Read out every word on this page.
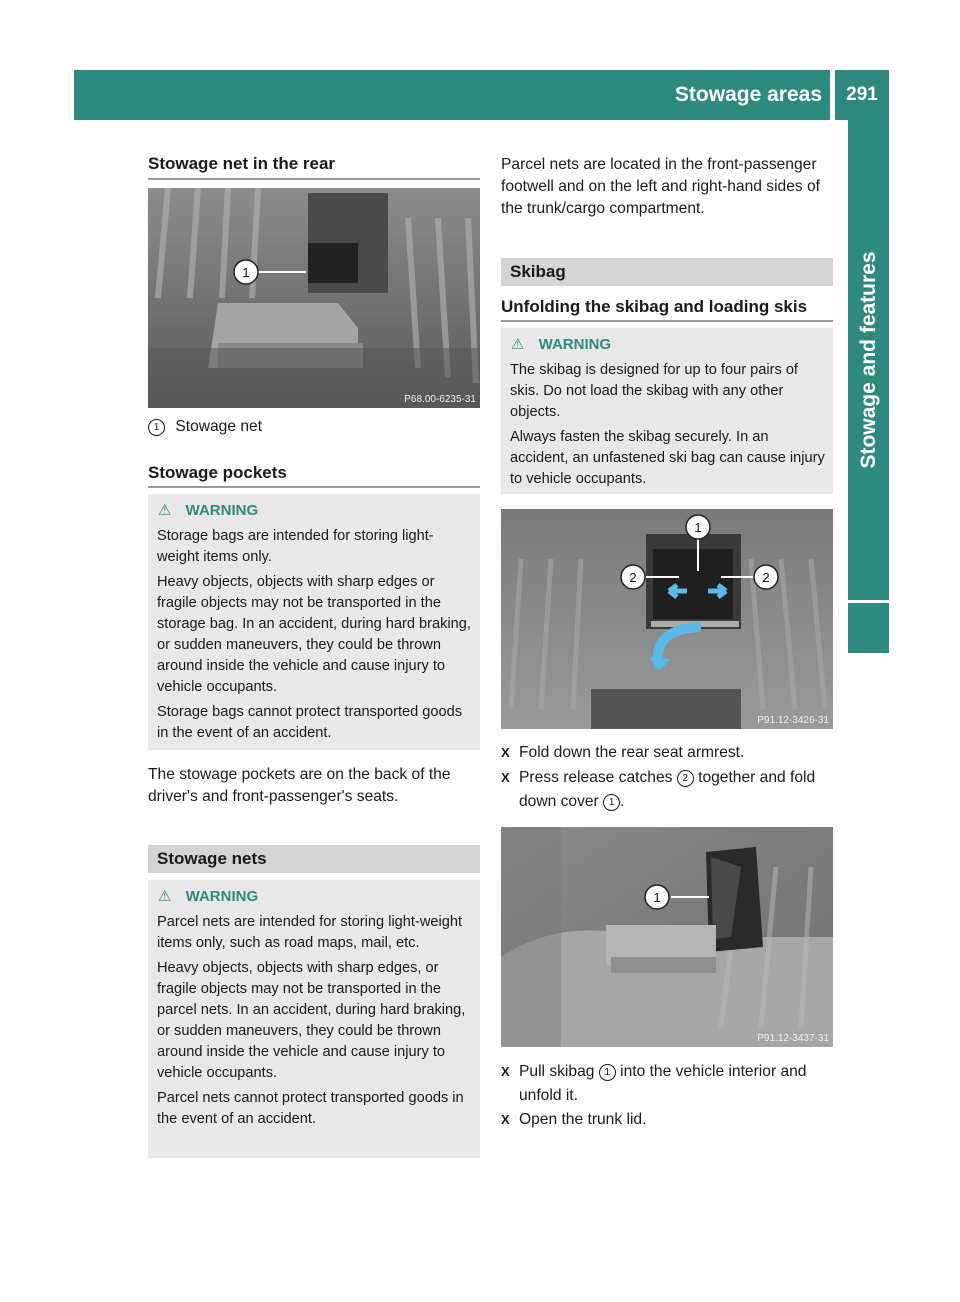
Stowage areas	291
Stowage and features
Stowage net in the rear
1
P68.00-6235-31
1 Stowage net
Stowage pockets
⚠ WARNING

Storage bags are intended for storing light-weight items only.

Heavy objects, objects with sharp edges or fragile objects may not be transported in the storage bag. In an accident, during hard braking, or sudden maneuvers, they could be thrown around inside the vehicle and cause injury to vehicle occupants.

Storage bags cannot protect transported goods in the event of an accident.

The stowage pockets are on the back of the driver's and front-passenger's seats.
Stowage nets
⚠ WARNING

Parcel nets are intended for storing light-weight items only, such as road maps, mail, etc.

Heavy objects, objects with sharp edges, or fragile objects may not be transported in the parcel nets. In an accident, during hard braking, or sudden maneuvers, they could be thrown around inside the vehicle and cause injury to vehicle occupants.

Parcel nets cannot protect transported goods in the event of an accident.

Parcel nets are located in the front-passenger footwell and on the left and right-hand sides of the trunk/cargo compartment.
Skibag
Unfolding the skibag and loading skis
⚠ WARNING

The skibag is designed for up to four pairs of skis. Do not load the skibag with any other objects.

Always fasten the skibag securely. In an accident, an unfastened ski bag can cause injury to vehicle occupants.

1
2	2
P91.12-3426-31
X Fold down the rear seat armrest.
X Press release catches 2 together and fold down cover 1 .
1
P91.12-3437-31
X Pull skibag 1 into the vehicle interior and unfold it.
X Open the trunk lid.
